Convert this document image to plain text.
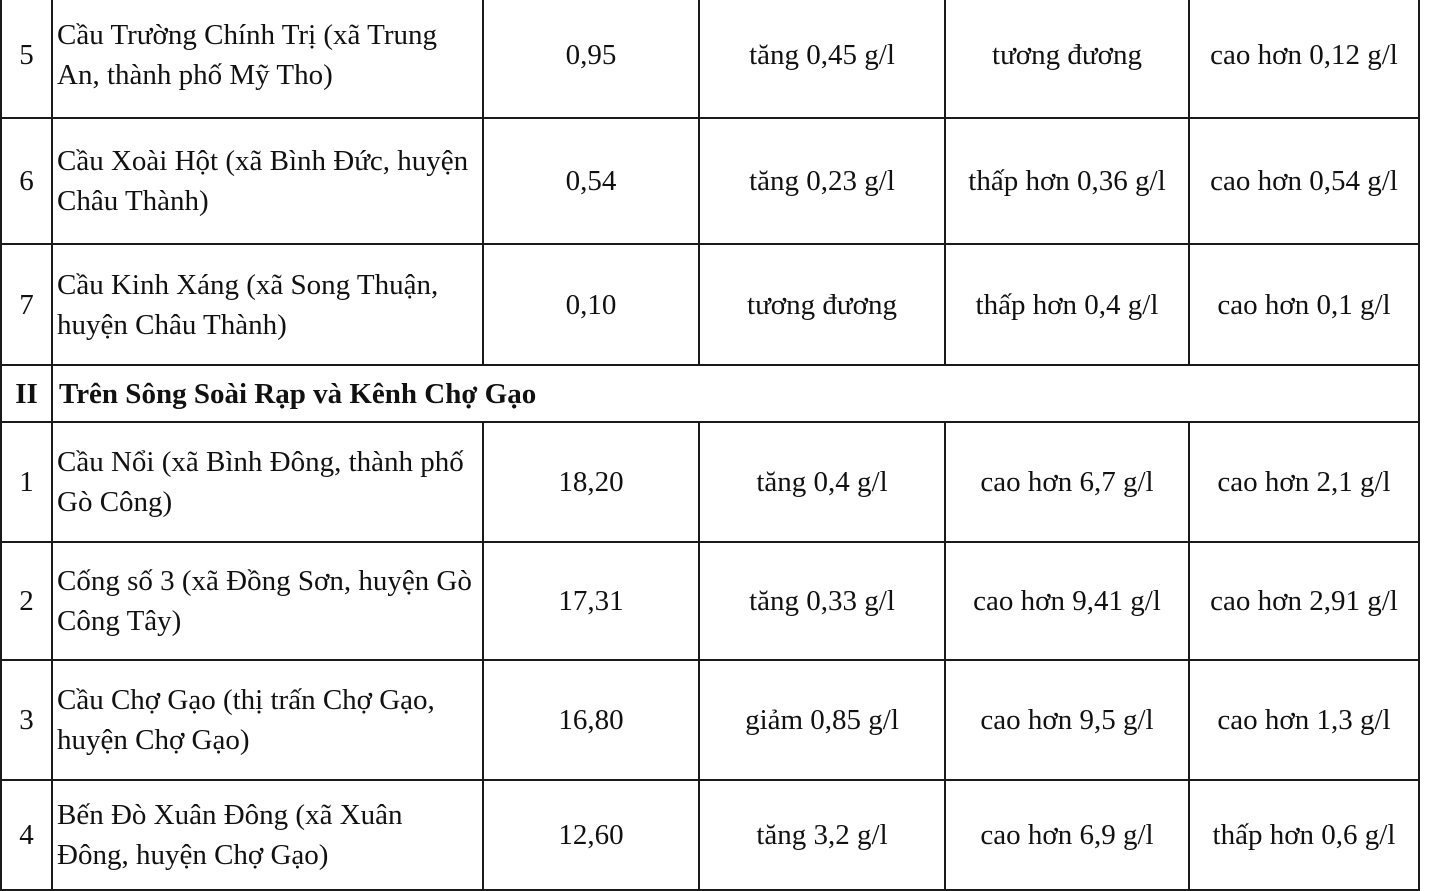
5	Cầu Trường Chính Trị (xã Trung An, thành phố Mỹ Tho)	0,95	tăng 0,45 g/l	tương đương	cao hơn 0,12 g/l
6	Cầu Xoài Hột (xã Bình Đức, huyện Châu Thành)	0,54	tăng 0,23 g/l	thấp hơn 0,36 g/l	cao hơn 0,54 g/l
7	Cầu Kinh Xáng (xã Song Thuận, huyện Châu Thành)	0,10	tương đương	thấp hơn 0,4 g/l	cao hơn 0,1 g/l
II	Trên Sông Soài Rạp và Kênh Chợ Gạo				
1	Cầu Nổi (xã Bình Đông, thành phố Gò Công)	18,20	tăng 0,4 g/l	cao hơn 6,7 g/l	cao hơn 2,1 g/l
2	Cống số 3 (xã Đồng Sơn, huyện Gò Công Tây)	17,31	tăng 0,33 g/l	cao hơn 9,41 g/l	cao hơn 2,91 g/l
3	Cầu Chợ Gạo (thị trấn Chợ Gạo, huyện Chợ Gạo)	16,80	giảm 0,85 g/l	cao hơn 9,5 g/l	cao hơn 1,3 g/l
4	Bến Đò Xuân Đông (xã Xuân Đông, huyện Chợ Gạo)	12,60	tăng 3,2 g/l	cao hơn 6,9 g/l	thấp hơn 0,6 g/l
